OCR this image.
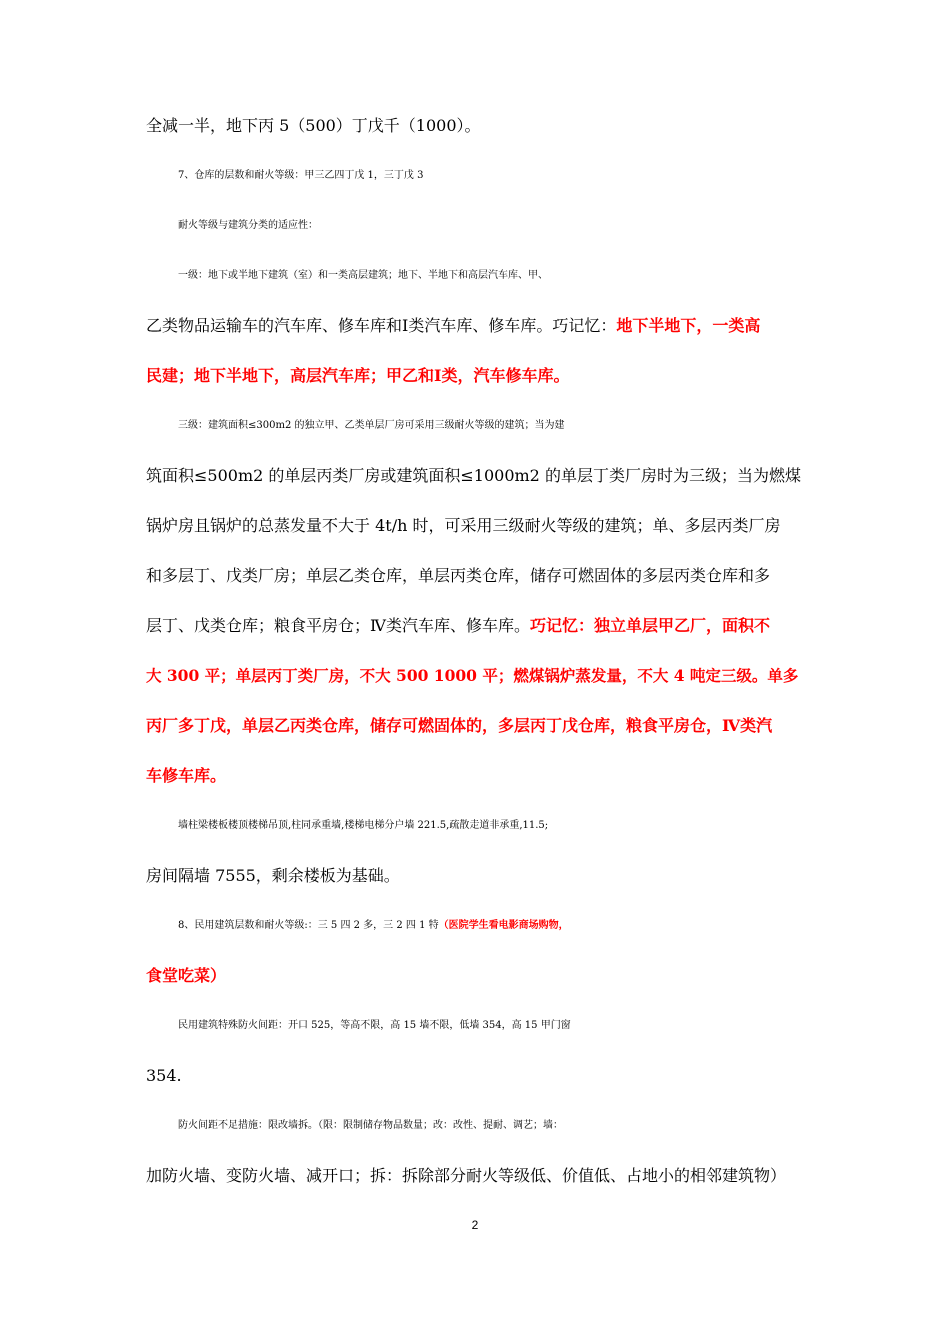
全减一半，地下丙 5（500）丁戊千（1000）。
7、仓库的层数和耐火等级：甲三乙四丁戊 1，三丁戊 3
耐火等级与建筑分类的适应性：
一级：地下或半地下建筑（室）和一类高层建筑；地下、半地下和高层汽车库、甲、
乙类物品运输车的汽车库、修车库和Ⅰ类汽车库、修车库。巧记忆：地下半地下，一类高
民建；地下半地下，高层汽车库；甲乙和Ⅰ类，汽车修车库。
三级：建筑面积≤300m2 的独立甲、乙类单层厂房可采用三级耐火等级的建筑；当为建
筑面积≤500m2 的单层丙类厂房或建筑面积≤1000m2 的单层丁类厂房时为三级；当为燃煤
锅炉房且锅炉的总蒸发量不大于 4t/h 时，可采用三级耐火等级的建筑；单、多层丙类厂房
和多层丁、戊类厂房；单层乙类仓库，单层丙类仓库，储存可燃固体的多层丙类仓库和多
层丁、戊类仓库；粮食平房仓；Ⅳ类汽车库、修车库。巧记忆：独立单层甲乙厂，面积不
大 300 平；单层丙丁类厂房，不大 500 1000 平；燃煤锅炉蒸发量，不大 4 吨定三级。单多
丙厂多丁戊，单层乙丙类仓库，储存可燃固体的，多层丙丁戊仓库，粮食平房仓，Ⅳ类汽
车修车库。
墙柱梁楼板楼顶楼梯吊顶,柱同承重墙,楼梯电梯分户墙 221.5,疏散走道非承重,11.5;
房间隔墙 7555，剩余楼板为基础。
8、民用建筑层数和耐火等级:：三 5 四 2 多，三 2 四 1 特（医院学生看电影商场购物，
食堂吃菜）
民用建筑特殊防火间距：开口 525，等高不限，高 15 墙不限，低墙 354，高 15 甲门窗
354.
防火间距不足措施：限改墙拆。（限：限制储存物品数量；改：改性、提耐、调艺；墙：
加防火墙、变防火墙、减开口；拆：拆除部分耐火等级低、价值低、占地小的相邻建筑物）
2
